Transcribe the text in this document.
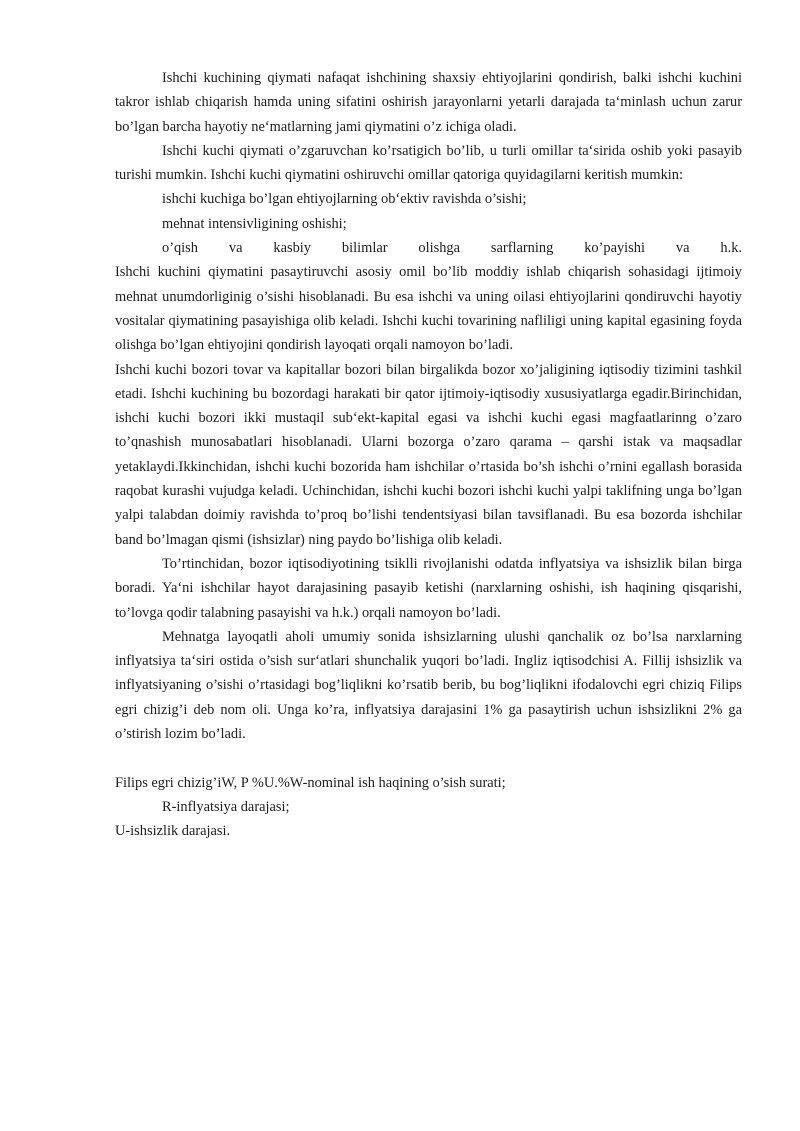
Ishchi kuchining qiymati nafaqat ishchining shaxsiy ehtiyojlarini qondirish, balki ishchi kuchini takror ishlab chiqarish hamda uning sifatini oshirish jarayonlarni yetarli darajada ta‘minlash uchun zarur bo’lgan barcha hayotiy ne‘matlarning jami qiymatini o’z ichiga oladi.

Ishchi kuchi qiymati o’zgaruvchan ko’rsatigich bo’lib, u turli omillar ta‘sirida oshib yoki pasayib turishi mumkin. Ishchi kuchi qiymatini oshiruvchi omillar qatoriga quyidagilarni keritish mumkin:

ishchi kuchiga bo’lgan ehtiyojlarning ob‘ektiv ravishda o’sishi;

mehnat intensivligining oshishi;

o’qish va kasbiy bilimlar olishga sarflarning ko’payishi va h.k.

Ishchi kuchini qiymatini pasaytiruvchi asosiy omil bo’lib moddiy ishlab chiqarish sohasidagi ijtimoiy mehnat unumdorliginig o’sishi hisoblanadi. Bu esa ishchi va uning oilasi ehtiyojlarini qondiruvchi hayotiy vositalar qiymatining pasayishiga olib keladi. Ishchi kuchi tovarining nafliligi uning kapital egasining foyda olishga bo’lgan ehtiyojini qondirish layoqati orqali namoyon bo’ladi.

Ishchi kuchi bozori tovar va kapitallar bozori bilan birgalikda bozor xo’jaligining iqtisodiy tizimini tashkil etadi. Ishchi kuchining bu bozordagi harakati bir qator ijtimoiy-iqtisodiy xususiyatlarga egadir.Birinchidan, ishchi kuchi bozori ikki mustaqil sub‘ekt-kapital egasi va ishchi kuchi egasi magfaatlarinng o’zaro to’qnashish munosabatlari hisoblanadi. Ularni bozorga o’zaro qarama – qarshi istak va maqsadlar yetaklaydi.Ikkinchidan, ishchi kuchi bozorida ham ishchilar o’rtasida bo’sh ishchi o’rnini egallash borasida raqobat kurashi vujudga keladi. Uchinchidan, ishchi kuchi bozori ishchi kuchi yalpi taklifning unga bo’lgan yalpi talabdan doimiy ravishda to’proq bo’lishi tendentsiyasi bilan tavsiflanadi. Bu esa bozorda ishchilar band bo’lmagan qismi (ishsizlar) ning paydo bo’lishiga olib keladi.

To’rtinchidan, bozor iqtisodiyotining tsiklli rivojlanishi odatda inflyatsiya va ishsizlik bilan birga boradi. Ya‘ni ishchilar hayot darajasining pasayib ketishi (narxlarning oshishi, ish haqining qisqarishi, to’lovga qodir talabning pasayishi va h.k.) orqali namoyon bo’ladi.

Mehnatga layoqatli aholi umumiy sonida ishsizlarning ulushi qanchalik oz bo’lsa narxlarning inflyatsiya ta‘siri ostida o’sish sur‘atlari shunchalik yuqori bo’ladi. Ingliz iqtisodchisi A. Fillij ishsizlik va inflyatsiyaning o’sishi o’rtasidagi bog’liqlikni ko’rsatib berib, bu bog’liqlikni ifodalovchi egri chiziq Filips egri chizig’i deb nom oli. Unga ko’ra, inflyatsiya darajasini 1% ga pasaytirish uchun ishsizlikni 2% ga o’stirish lozim bo’ladi.

Filips egri chizig’iW, P %U.%W-nominal ish haqining o’sish surati;

R-inflyatsiya darajasi;

U-ishsizlik darajasi.
